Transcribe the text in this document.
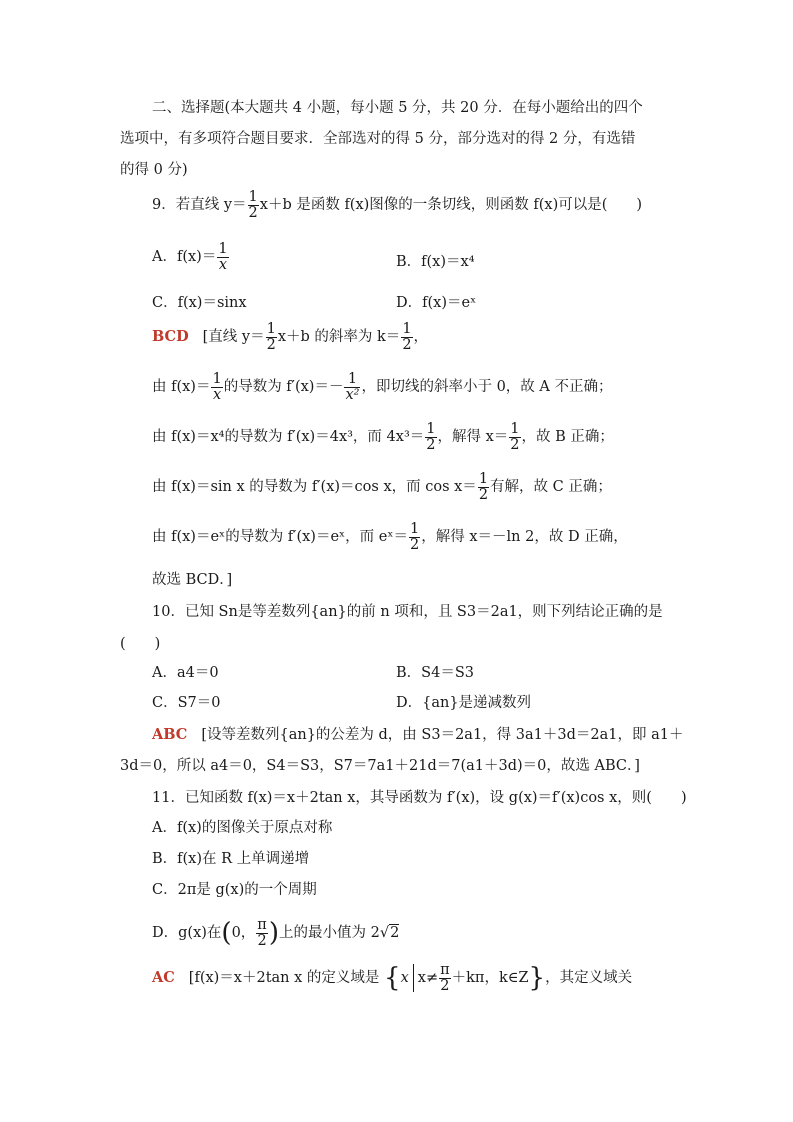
二、选择题(本大题共 4 小题，每小题 5 分，共 20 分．在每小题给出的四个
选项中，有多项符合题目要求．全部选对的得 5 分，部分选对的得 2 分，有选错
的得 0 分)
9．若直线 $y= \frac{1}{2} x+b$ 是函数 f(x)图像的一条切线，则函数 f(x)可以是(　　)
A．$f(x)= \frac{1}{x}$	B．f(x)＝x⁴
C．f(x)＝sinx	D．f(x)＝eˣ
BCD [直线 $y= \frac{1}{2} x+b$ 的斜率为 $k= \frac{1}{2}$ ，
由 $f(x)= \frac{1}{x}$ 的导数为 $f'(x)=- \frac{1}{\text{x²}}$ ，即切线的斜率小于 0，故 A 不正确；
由 f(x)＝x⁴的导数为 f′(x)＝4x³，而 $4x^3= \frac{1}{2}$ ，解得 $x= \frac{1}{2}$ ，故 B 正确；
由 f(x)＝sin x 的导数为 f′(x)＝cos x，而 $\cos x= \frac{1}{2}$ 有解，故 C 正确；
由 f(x)＝eˣ的导数为 f′(x)＝eˣ，而 eˣ＝ $\frac{1}{2}$ ，解得 x＝－ln 2，故 D 正确，
故选 BCD．]
10．已知 Sn是等差数列{an}的前 n 项和，且 S3＝2a1，则下列结论正确的是
(　　)
A．a4＝0	B．S4＝S3
C．S7＝0	D．{an}是递减数列
ABC [设等差数列{an}的公差为 d，由 S3＝2a1，得 3a1＋3d＝2a1，即 a1＋
3d＝0，所以 a4＝0，S4＝S3，S7＝7a1＋21d＝7(a1＋3d)＝0，故选 ABC．]
11．已知函数 f(x)＝x＋2tan x，其导函数为 f′(x)，设 g(x)＝f′(x)cos x，则(　　)
A．f(x)的图像关于原点对称
B．f(x)在 R 上单调递增
C．2π是 g(x)的一个周期
D．g(x)在(0， $\frac{\pi}{2}$ )上的最小值为 2√2
AC [f(x)＝x＋2tan x 的定义域是 {x $x\ne \frac{\pi}{2} +k\pi$，k∈Z}，其定义域关
